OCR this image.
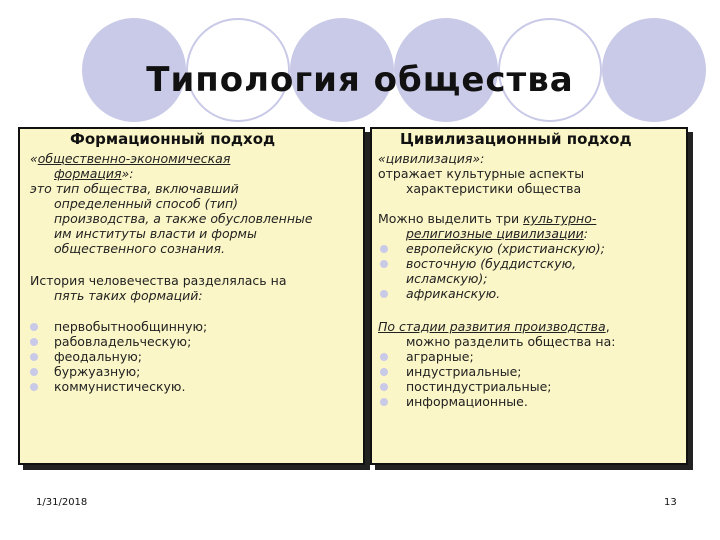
Типология общества
Формационный подход
«общественно-экономическая
формация»:
это тип общества, включавший
определенный способ (тип)
производства, а также обусловленные
им институты власти и формы
общественного сознания.
История человечества разделялась на
пять таких формаций:
первобытнообщинную;
рабовладельческую;
феодальную;
буржуазную;
коммунистическую.
Цивилизационный подход
«цивилизация»:
отражает культурные аспекты
характеристики общества
Можно выделить три культурно-
религиозные цивилизации:
европейскую (христианскую);
восточную (буддистскую,
исламскую);
африканскую.
По стадии развития производства,
можно разделить общества на:
аграрные;
индустриальные;
постиндустриальные;
информационные.
1/31/2018	13
